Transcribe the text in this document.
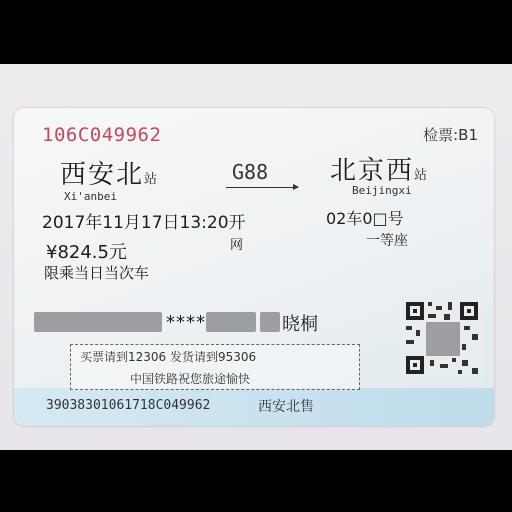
106C049962	检票:B1
西安北站
Xi'anbei
G88 北京西站
Beijingxi
2017年11月17日13:20开	02车0□号
网	一等座
¥824.5元
限乘当日当次车
****	晓桐
买票请到12306 发货请到95306
中国铁路祝您旅途愉快
39038301061718C049962	西安北售
